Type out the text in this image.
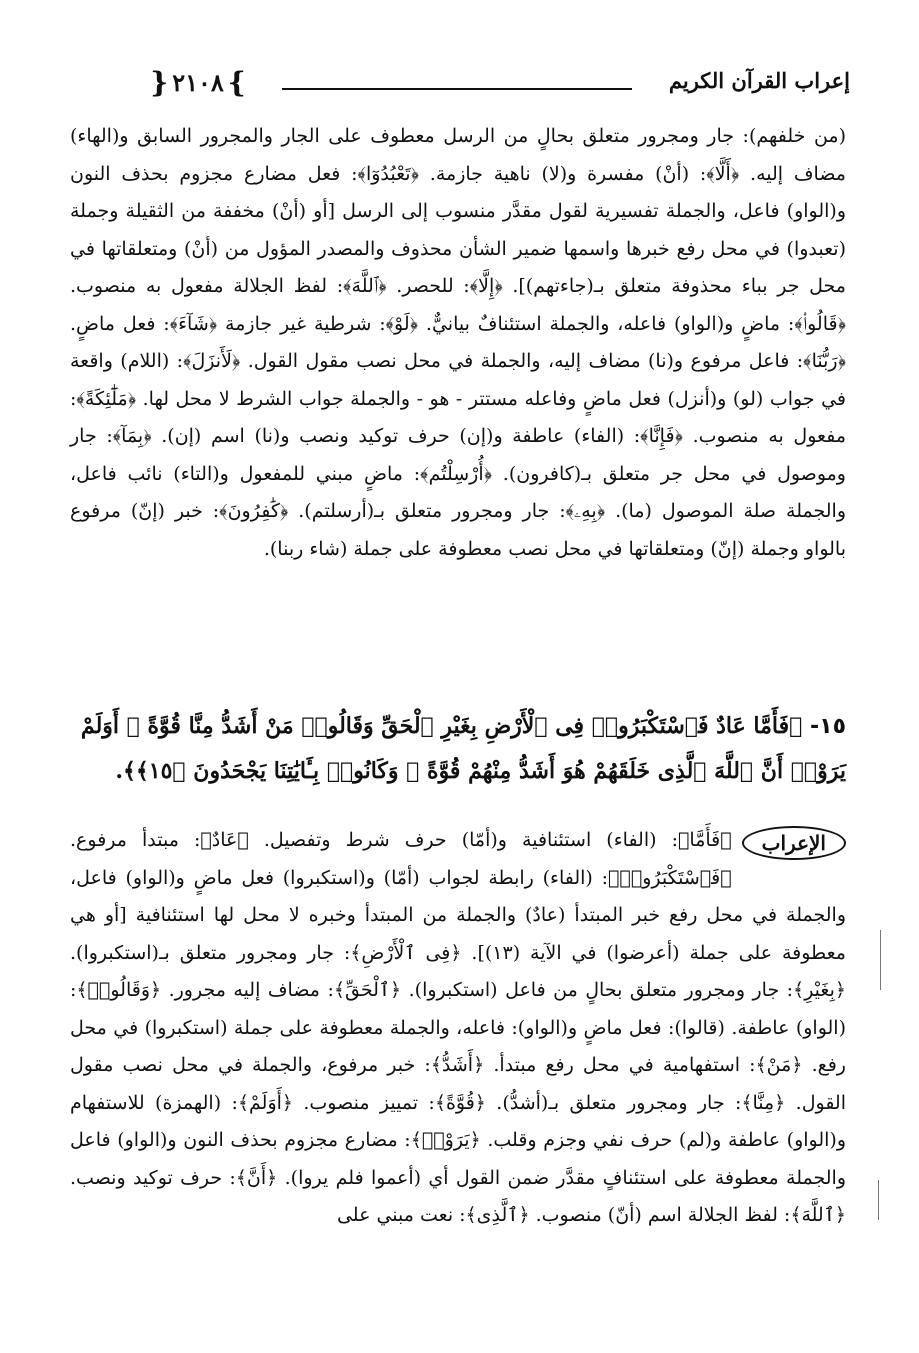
إعراب القرآن الكريم
} ٢١٠٨ {
(من خلفهم): جار ومجرور متعلق بحالٍ من الرسل معطوف على الجار والمجرور السابق و(الهاء) مضاف إليه. ﴿أَلَّا﴾: (أنْ) مفسرة و(لا) ناهية جازمة. ﴿تَعْبُدُوٓا﴾: فعل مضارع مجزوم بحذف النون و(الواو) فاعل، والجملة تفسيرية لقول مقدَّر منسوب إلى الرسل [أو (أنْ) مخففة من الثقيلة وجملة (تعبدوا) في محل رفع خبرها واسمها ضمير الشأن محذوف والمصدر المؤول من (أنْ) ومتعلقاتها في محل جر بباء محذوفة متعلق بـ(جاءتهم)]. ﴿إِلَّا﴾: للحصر. ﴿ٱللَّهَ﴾: لفظ الجلالة مفعول به منصوب. ﴿قَالُوا۟﴾: ماضٍ و(الواو) فاعله، والجملة استئنافٌ بيانيٌّ. ﴿لَوْ﴾: شرطية غير جازمة ﴿شَآءَ﴾: فعل ماضٍ. ﴿رَبُّنَا﴾: فاعل مرفوع و(نا) مضاف إليه، والجملة في محل نصب مقول القول. ﴿لَأَنزَلَ﴾: (اللام) واقعة في جواب (لو) و(أنزل) فعل ماضٍ وفاعله مستتر - هو - والجملة جواب الشرط لا محل لها. ﴿مَلَٰٓئِكَةً﴾: مفعول به منصوب. ﴿فَإِنَّا﴾: (الفاء) عاطفة و(إن) حرف توكيد ونصب و(نا) اسم (إن). ﴿بِمَآ﴾: جار وموصول في محل جر متعلق بـ(كافرون). ﴿أُرْسِلْتُم﴾: ماضٍ مبني للمفعول و(التاء) نائب فاعل، والجملة صلة الموصول (ما). ﴿بِهِۦ﴾: جار ومجرور متعلق بـ(أرسلتم). ﴿كَٰفِرُونَ﴾: خبر (إنّ) مرفوع بالواو وجملة (إنّ) ومتعلقاتها في محل نصب معطوفة على جملة (شاء ربنا).
١٥- ﴿فَأَمَّا عَادٌ فَٱسْتَكْبَرُوا۟ فِى ٱلْأَرْضِ بِغَيْرِ ٱلْحَقِّ وَقَالُوا۟ مَنْ أَشَدُّ مِنَّا قُوَّةً ۖ أَوَلَمْ يَرَوْا۟ أَنَّ ٱللَّهَ ٱلَّذِى خَلَقَهُمْ هُوَ أَشَدُّ مِنْهُمْ قُوَّةً ۖ وَكَانُوا۟ بِـَٔايَٰتِنَا يَجْحَدُونَ ﴿١٥﴾﴾.
الإعراب
﴿فَأَمَّا﴾: (الفاء) استئنافية و(أمّا) حرف شرط وتفصيل. ﴿عَادٌ﴾: مبتدأ مرفوع. ﴿فَٱسْتَكْبَرُوا۟﴾: (الفاء) رابطة لجواب (أمّا) و(استكبروا) فعل ماضٍ و(الواو) فاعل، والجملة في محل رفع خبر المبتدأ (عادٌ) والجملة من المبتدأ وخبره لا محل لها استئنافية [أو هي معطوفة على جملة (أعرضوا) في الآية (١٣)]. ﴿فِى ٱلْأَرْضِ﴾: جار ومجرور متعلق بـ(استكبروا). ﴿بِغَيْرِ﴾: جار ومجرور متعلق بحالٍ من فاعل (استكبروا). ﴿ٱلْحَقِّ﴾: مضاف إليه مجرور. ﴿وَقَالُوا۟﴾: (الواو) عاطفة. (قالوا): فعل ماضٍ و(الواو): فاعله، والجملة معطوفة على جملة (استكبروا) في محل رفع. ﴿مَنْ﴾: استفهامية في محل رفع مبتدأ. ﴿أَشَدُّ﴾: خبر مرفوع، والجملة في محل نصب مقول القول. ﴿مِنَّا﴾: جار ومجرور متعلق بـ(أشدُّ). ﴿قُوَّةً﴾: تمييز منصوب. ﴿أَوَلَمْ﴾: (الهمزة) للاستفهام و(الواو) عاطفة و(لم) حرف نفي وجزم وقلب. ﴿يَرَوْا۟﴾: مضارع مجزوم بحذف النون و(الواو) فاعل والجملة معطوفة على استئنافٍ مقدَّر ضمن القول أي (أعموا فلم يروا). ﴿أَنَّ﴾: حرف توكيد ونصب. ﴿ٱللَّهَ﴾: لفظ الجلالة اسم (أنّ) منصوب. ﴿ٱلَّذِى﴾: نعت مبني على
